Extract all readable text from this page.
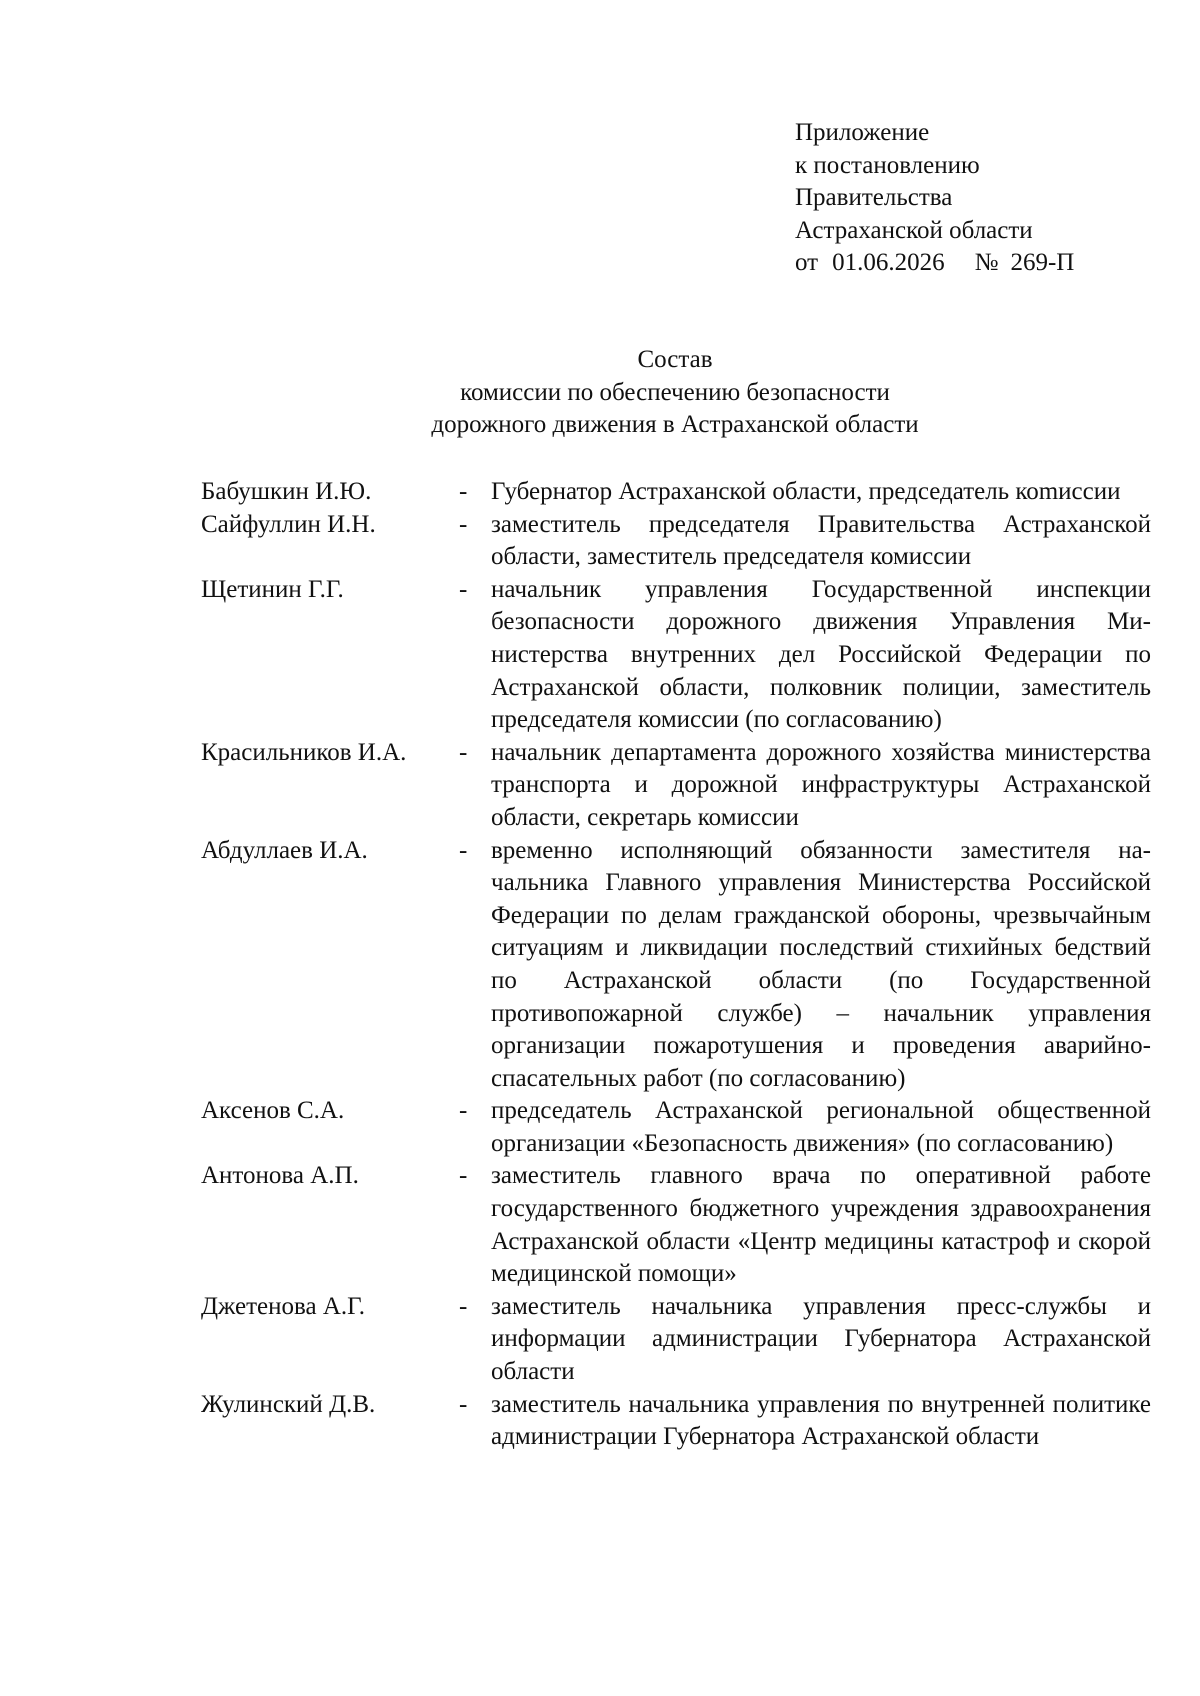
Приложение
к постановлению
Правительства
Астраханской области
от 01.06.2026 № 269-П
Состав
комиссии по обеспечению безопасности
дорожного движения в Астраханской области
Бабушкин И.Ю.	- Губернатор Астраханской области, председатель коmиссии
Сайфуллин И.Н.	- заместитель председателя Правительства Астраханской области, заместитель председателя комиссии
Щетинин Г.Г.	- начальник управления Государственной инспекции безопасности дорожного движения Управления Министерства внутренних дел Российской Федерации по Астраханской области, полковник полиции, заместитель председателя комиссии (по согласованию)
Красильников И.А.	- начальник департамента дорожного хозяйства министерства транспорта и дорожной инфраструктуры Астраханской области, секретарь комиссии
Абдуллаев И.А.	- временно исполняющий обязанности заместителя начальника Главного управления Министерства Российской Федерации по делам гражданской обороны, чрезвычайным ситуациям и ликвидации последствий стихийных бедствий по Астраханской области (по Государственной противопожарной службе) – начальник управления организации пожаротушения и проведения аварийно-спасательных работ (по согласованию)
Аксенов С.А.	- председатель Астраханской региональной общественной организации «Безопасность движения» (по согласованию)
Антонова А.П.	- заместитель главного врача по оперативной работе государственного бюджетного учреждения здравоохранения Астраханской области «Центр медицины катастроф и скорой медицинской помощи»
Джетенова А.Г.	- заместитель начальника управления пресс-службы и информации администрации Губернатора Астраханской области
Жулинский Д.В.	- заместитель начальника управления по внутренней политике администрации Губернатора Астраханской области
